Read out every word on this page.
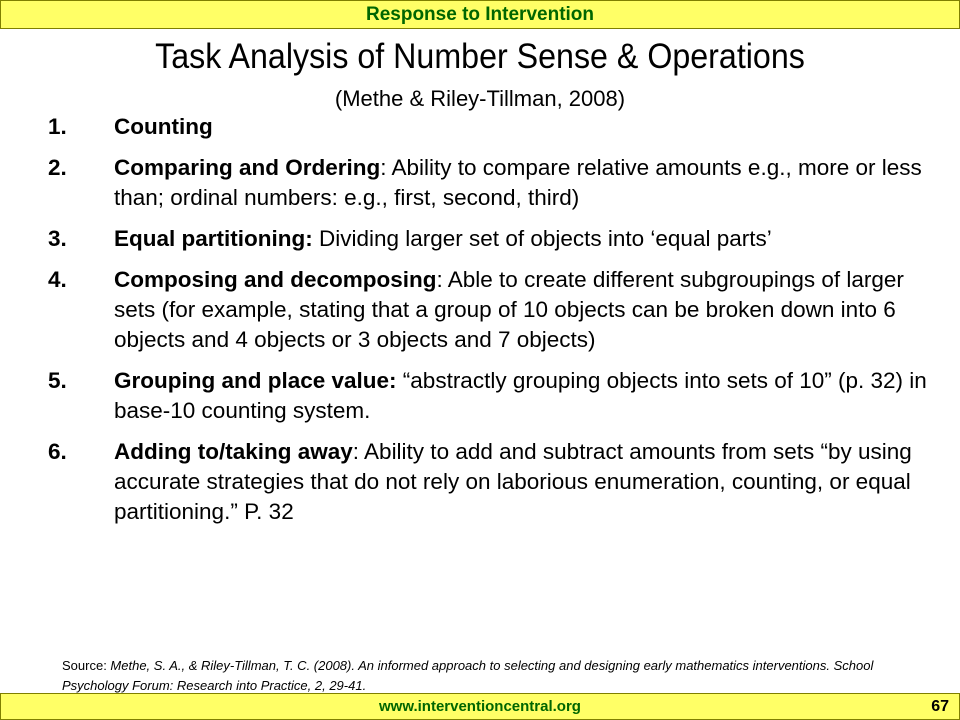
Response to Intervention
Task Analysis of Number Sense & Operations
(Methe & Riley-Tillman, 2008)
1. Counting
2. Comparing and Ordering: Ability to compare relative amounts e.g., more or less than; ordinal numbers: e.g., first, second, third)
3. Equal partitioning: Dividing larger set of objects into ‘equal parts’
4. Composing and decomposing: Able to create different subgroupings of larger sets (for example, stating that a group of 10 objects can be broken down into 6 objects and 4 objects or 3 objects and 7 objects)
5. Grouping and place value: “abstractly grouping objects into sets of 10” (p. 32) in base-10 counting system.
6. Adding to/taking away: Ability to add and subtract amounts from sets “by using accurate strategies that do not rely on laborious enumeration, counting, or equal partitioning.” P. 32
Source: Methe, S. A., & Riley-Tillman, T. C. (2008). An informed approach to selecting and designing early mathematics interventions. School Psychology Forum: Research into Practice, 2, 29-41.
www.interventioncentral.org	67
